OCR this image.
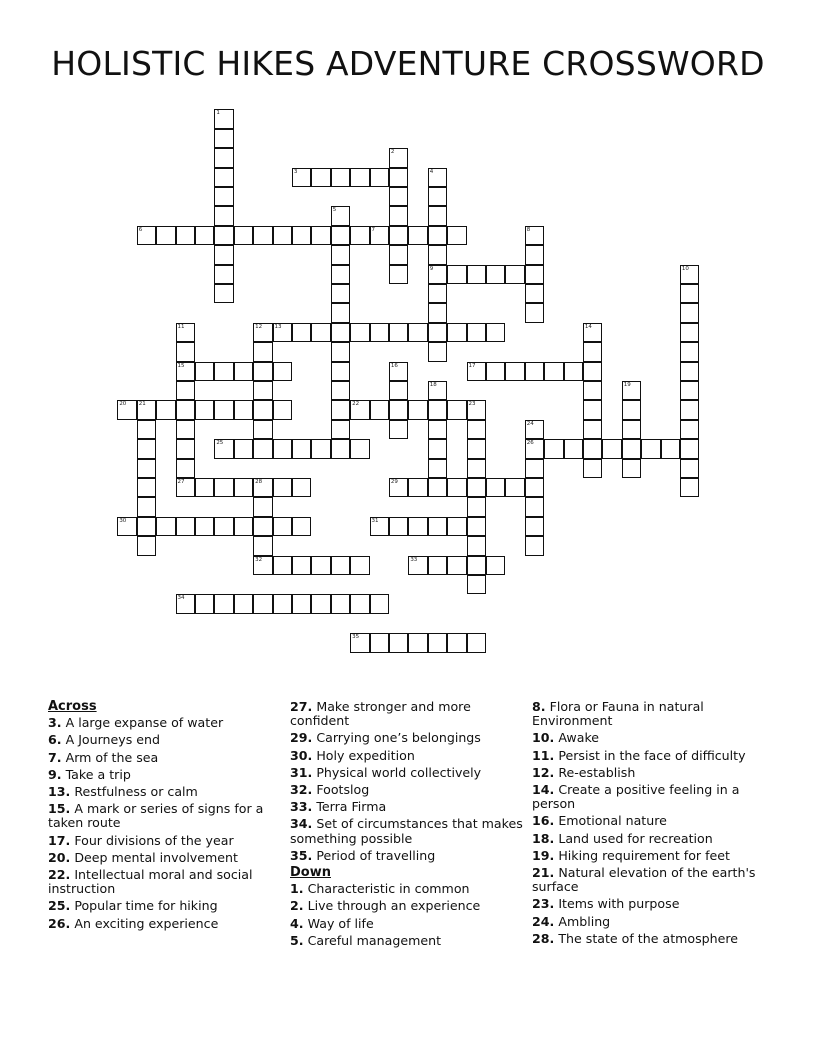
HOLISTIC HIKES ADVENTURE CROSSWORD
3
6	7
9
13
15	17
20 21	22	23
25	26
27	28	29
30	31
32	33
34
35
1
2
4
5
8
10
11	12	14
16
18	19
24
Across
3. A large expanse of water
6. A Journeys end
7. Arm of the sea
9. Take a trip
13. Restfulness or calm
15. A mark or series of signs for a taken route
17. Four divisions of the year
20. Deep mental involvement
22. Intellectual moral and social instruction
25. Popular time for hiking
26. An exciting experience
27. Make stronger and more confident
29. Carrying one’s belongings
30. Holy expedition
31. Physical world collectively
32. Footslog
33. Terra Firma
34. Set of circumstances that makes something possible
35. Period of travelling
Down
1. Characteristic in common
2. Live through an experience
4. Way of life
5. Careful management
8. Flora or Fauna in natural Environment
10. Awake
11. Persist in the face of difficulty
12. Re-establish
14. Create a positive feeling in a person
16. Emotional nature
18. Land used for recreation
19. Hiking requirement for feet
21. Natural elevation of the earth's surface
23. Items with purpose
24. Ambling
28. The state of the atmosphere
